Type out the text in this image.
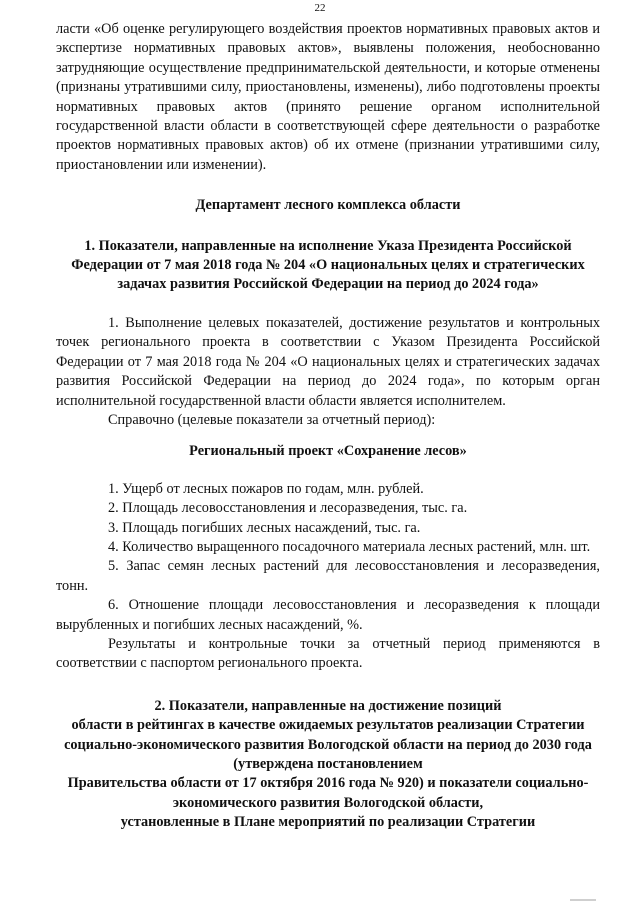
22

ласти «Об оценке регулирующего воздействия проектов нормативных правовых актов и экспертизе нормативных правовых актов», выявлены положения, необоснованно затрудняющие осуществление предпринимательской деятельности, и которые отменены (признаны утратившими силу, приостановлены, изменены), либо подготовлены проекты нормативных правовых актов (принято решение органом исполнительной государственной власти области в соответствующей сфере деятельности о разработке проектов нормативных правовых актов) об их отмене (признании утратившими силу, приостановлении или изменении).

Департамент лесного комплекса области

1. Показатели, направленные на исполнение Указа Президента Российской Федерации от 7 мая 2018 года № 204 «О национальных целях и стратегических задачах развития Российской Федерации на период до 2024 года»

1. Выполнение целевых показателей, достижение результатов и контрольных точек регионального проекта в соответствии с Указом Президента Российской Федерации от 7 мая 2018 года № 204 «О национальных целях и стратегических задачах развития Российской Федерации на период до 2024 года», по которым орган исполнительной государственной власти области является исполнителем.

Справочно (целевые показатели за отчетный период):

Региональный проект «Сохранение лесов»

1. Ущерб от лесных пожаров по годам, млн. рублей.

2. Площадь лесовосстановления и лесоразведения, тыс. га.

3. Площадь погибших лесных насаждений, тыс. га.

4. Количество выращенного посадочного материала лесных растений, млн. шт.

5. Запас семян лесных растений для лесовосстановления и лесоразведения, тонн.

6. Отношение площади лесовосстановления и лесоразведения к площади вырубленных и погибших лесных насаждений, %.

Результаты и контрольные точки за отчетный период применяются в соответствии с паспортом регионального проекта.

2. Показатели, направленные на достижение позиций

области в рейтингах в качестве ожидаемых результатов реализации Стратегии социально-экономического развития Вологодской области на период до 2030 года (утверждена постановлением

Правительства области от 17 октября 2016 года № 920) и показатели социально-экономического развития Вологодской области,

установленные в Плане мероприятий по реализации Стратегии
